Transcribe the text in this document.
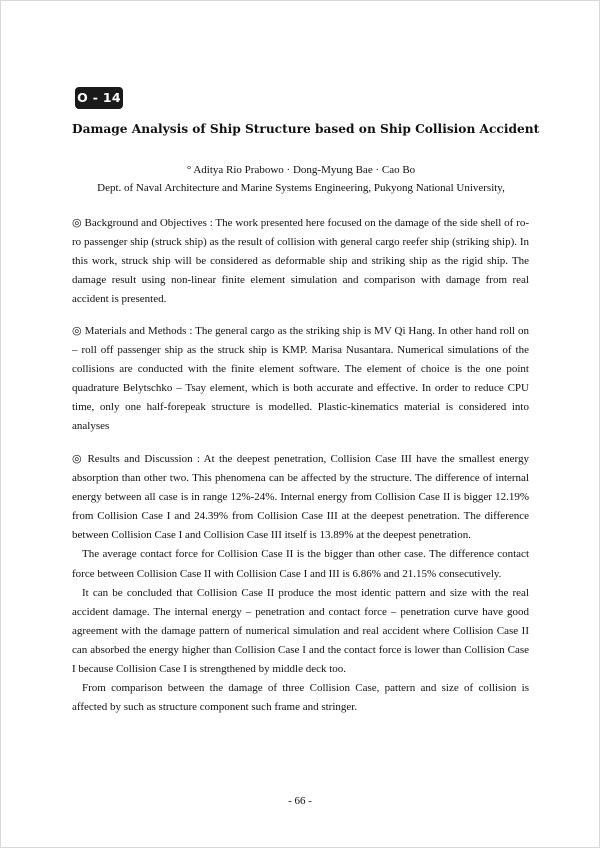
O - 14
Damage Analysis of Ship Structure based on Ship Collision Accident
° Aditya Rio Prabowo · Dong-Myung Bae · Cao Bo
Dept. of Naval Architecture and Marine Systems Engineering, Pukyong National University,

◎ Background and Objectives : The work presented here focused on the damage of the side shell of ro-ro passenger ship (struck ship) as the result of collision with general cargo reefer ship (striking ship). In this work, struck ship will be considered as deformable ship and striking ship as the rigid ship. The damage result using non-linear finite element simulation and comparison with damage from real accident is presented.

◎ Materials and Methods : The general cargo as the striking ship is MV Qi Hang. In other hand roll on – roll off passenger ship as the struck ship is KMP. Marisa Nusantara. Numerical simulations of the collisions are conducted with the finite element software. The element of choice is the one point quadrature Belytschko – Tsay element, which is both accurate and effective. In order to reduce CPU time, only one half-forepeak structure is modelled. Plastic-kinematics material is considered into analyses

◎ Results and Discussion : At the deepest penetration, Collision Case III have the smallest energy absorption than other two. This phenomena can be affected by the structure. The difference of internal energy between all case is in range 12%-24%. Internal energy from Collision Case II is bigger 12.19% from Collision Case I and 24.39% from Collision Case III at the deepest penetration. The difference between Collision Case I and Collision Case III itself is 13.89% at the deepest penetration.

The average contact force for Collision Case II is the bigger than other case. The difference contact force between Collision Case II with Collision Case I and III is 6.86% and 21.15% consecutively.

It can be concluded that Collision Case II produce the most identic pattern and size with the real accident damage. The internal energy – penetration and contact force – penetration curve have good agreement with the damage pattern of numerical simulation and real accident where Collision Case II can absorbed the energy higher than Collision Case I and the contact force is lower than Collision Case I because Collision Case I is strengthened by middle deck too.

From comparison between the damage of three Collision Case, pattern and size of collision is affected by such as structure component such frame and stringer.

- 66 -
